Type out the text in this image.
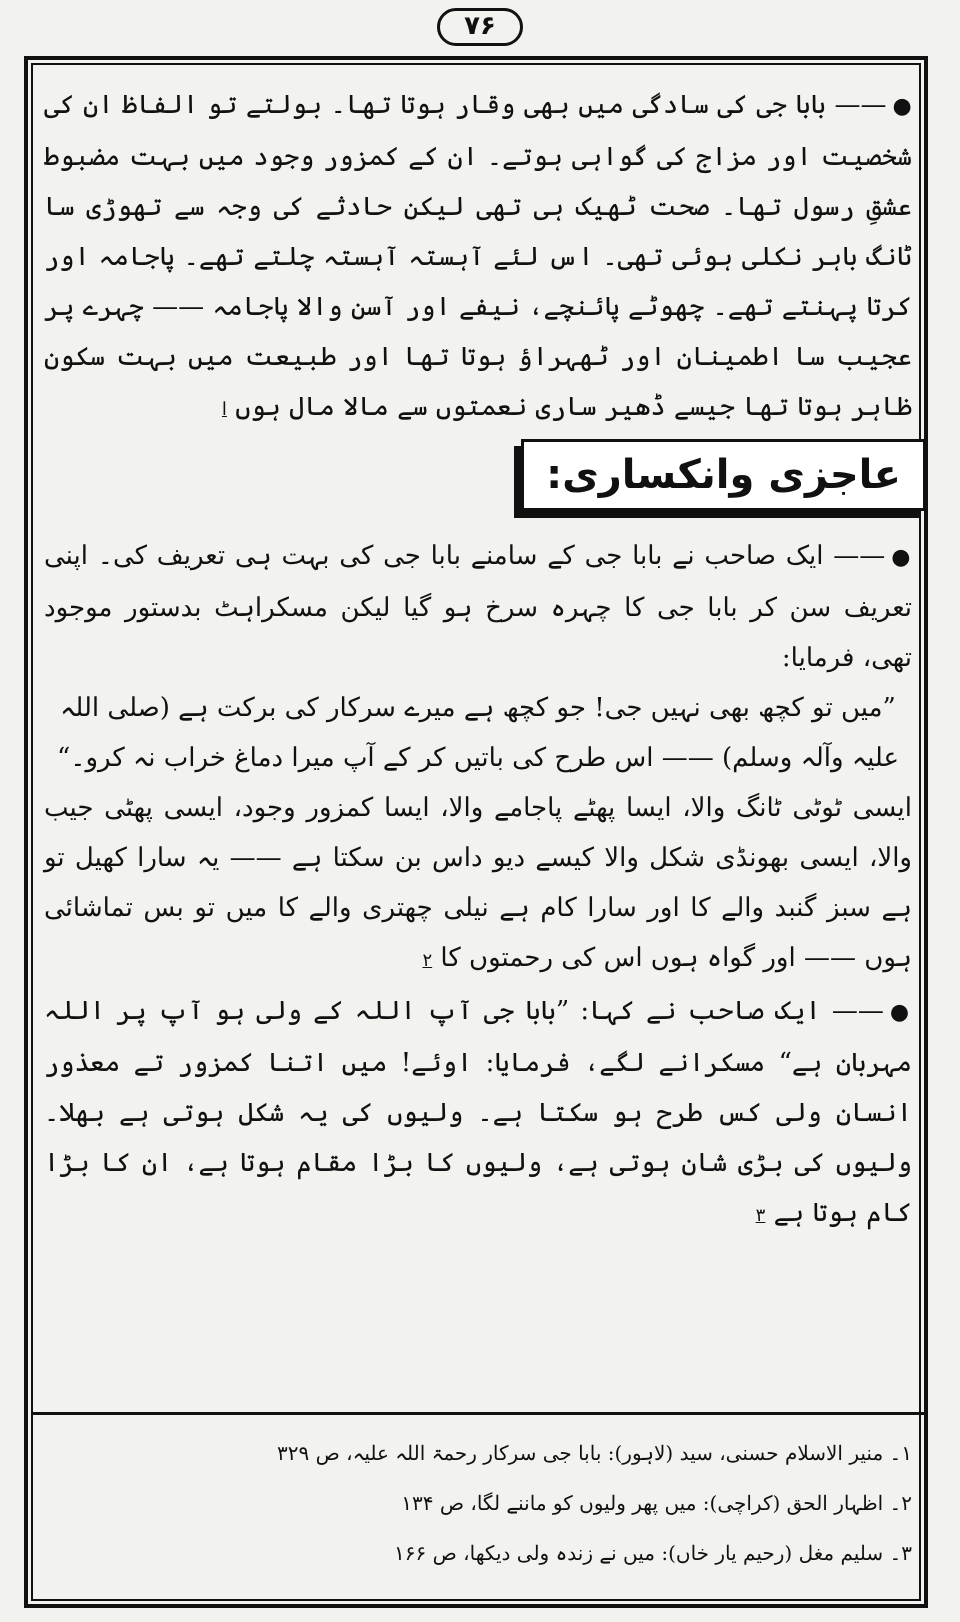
۷۶

●—— بابا جی کی سادگی میں بھی وقار ہوتا تھا۔ بولتے تو الفاظ ان کی شخصیت اور مزاج کی گواہی ہوتے۔ ان کے کمزور وجود میں بہت مضبوط عشقِ رسول تھا۔ صحت ٹھیک ہی تھی لیکن حادثے کی وجہ سے تھوڑی سا ٹانگ باہر نکلی ہوئی تھی۔ اس لئے آہستہ آہستہ چلتے تھے۔ پاجامہ اور کرتا پہنتے تھے۔ چھوٹے پائنچے، نیفے اور آسن والا پاجامہ —— چہرے پر عجیب سا اطمینان اور ٹھہراؤ ہوتا تھا اور طبیعت میں بہت سکون ظاہر ہوتا تھا جیسے ڈھیر ساری نعمتوں سے مالا مال ہوں ا

عاجزی وانکساری:

●—— ایک صاحب نے بابا جی کے سامنے بابا جی کی بہت ہی تعریف کی۔ اپنی تعریف سن کر بابا جی کا چہرہ سرخ ہو گیا لیکن مسکراہٹ بدستور موجود تھی، فرمایا:

”میں تو کچھ بھی نہیں جی! جو کچھ ہے میرے سرکار کی برکت ہے (صلی اللہ علیہ وآلہ وسلم) —— اس طرح کی باتیں کر کے آپ میرا دماغ خراب نہ کرو۔“

ایسی ٹوٹی ٹانگ والا، ایسا پھٹے پاجامے والا، ایسا کمزور وجود، ایسی پھٹی جیب والا، ایسی بھونڈی شکل والا کیسے دیو داس بن سکتا ہے —— یہ سارا کھیل تو ہے سبز گنبد والے کا اور سارا کام ہے نیلی چھتری والے کا میں تو بس تماشائی ہوں —— اور گواہ ہوں اس کی رحمتوں کا ۲

●—— ایک صاحب نے کہا: ”بابا جی آپ اللہ کے ولی ہو آپ پر اللہ مہربان ہے“ مسکرانے لگے، فرمایا: اوئے! میں اتنا کمزور تے معذور انسان ولی کس طرح ہو سکتا ہے۔ ولیوں کی یہ شکل ہوتی ہے بھلا۔ ولیوں کی بڑی شان ہوتی ہے، ولیوں کا بڑا مقام ہوتا ہے، ان کا بڑا کام ہوتا ہے ۳

۱۔ منیر الاسلام حسنی، سید (لاہور): بابا جی سرکار رحمۃ اللہ علیہ، ص ۳۲۹

۲۔ اظہار الحق (کراچی): میں پھر ولیوں کو ماننے لگا، ص ۱۳۴

۳۔ سلیم مغل (رحیم یار خاں): میں نے زندہ ولی دیکھا، ص ۱۶۶
